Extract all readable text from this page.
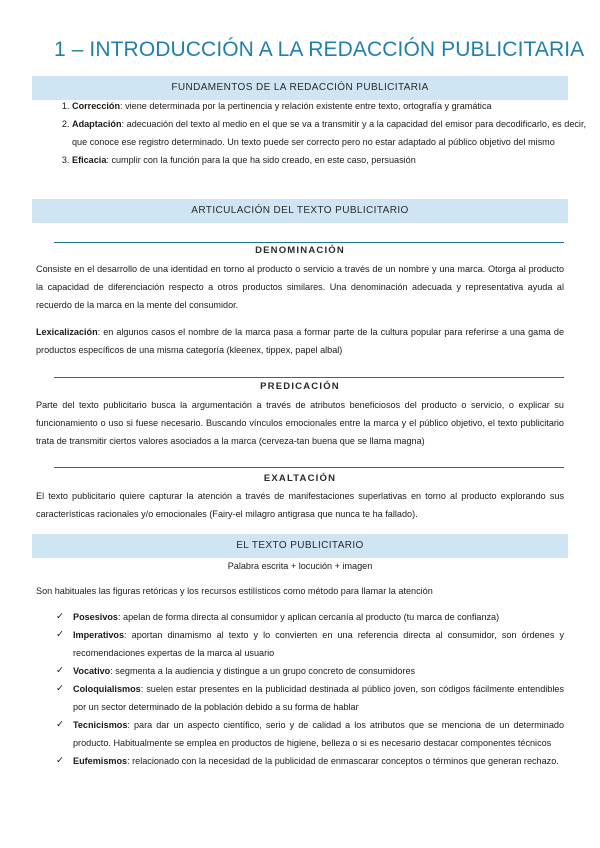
1 – INTRODUCCIÓN A LA REDACCIÓN PUBLICITARIA
FUNDAMENTOS DE LA REDACCIÓN PUBLICITARIA
1. Corrección: viene determinada por la pertinencia y relación existente entre texto, ortografía y gramática
2. Adaptación: adecuación del texto al medio en el que se va a transmitir y a la capacidad del emisor para decodificarlo, es decir, que conoce ese registro determinado. Un texto puede ser correcto pero no estar adaptado al público objetivo del mismo
3. Eficacia: cumplir con la función para la que ha sido creado, en este caso, persuasión
ARTICULACIÓN DEL TEXTO PUBLICITARIO
DENOMINACIÓN
Consiste en el desarrollo de una identidad en torno al producto o servicio a través de un nombre y una marca. Otorga al producto la capacidad de diferenciación respecto a otros productos similares. Una denominación adecuada y representativa ayuda al recuerdo de la marca en la mente del consumidor.
Lexicalización: en algunos casos el nombre de la marca pasa a formar parte de la cultura popular para referirse a una gama de productos específicos de una misma categoría (kleenex, tippex, papel albal)
PREDICACIÓN
Parte del texto publicitario busca la argumentación a través de atributos beneficiosos del producto o servicio, o explicar su funcionamiento o uso si fuese necesario. Buscando vínculos emocionales entre la marca y el público objetivo, el texto publicitario trata de transmitir ciertos valores asociados a la marca (cerveza-tan buena que se llama magna)
EXALTACIÓN
El texto publicitario quiere capturar la atención a través de manifestaciones superlativas en torno al producto explorando sus características racionales y/o emocionales (Fairy-el milagro antigrasa que nunca te ha fallado).
EL TEXTO PUBLICITARIO
Palabra escrita + locución + imagen
Son habituales las figuras retóricas y los recursos estilísticos como método para llamar la atención
✓ Posesivos: apelan de forma directa al consumidor y aplican cercanía al producto (tu marca de confianza)
✓ Imperativos: aportan dinamismo al texto y lo convierten en una referencia directa al consumidor, son órdenes y recomendaciones expertas de la marca al usuario
✓ Vocativo: segmenta a la audiencia y distingue a un grupo concreto de consumidores
✓ Coloquialismos: suelen estar presentes en la publicidad destinada al público joven, son códigos fácilmente entendibles por un sector determinado de la población debido a su forma de hablar
✓ Tecnicismos: para dar un aspecto científico, serio y de calidad a los atributos que se menciona de un determinado producto. Habitualmente se emplea en productos de higiene, belleza o si es necesario destacar componentes técnicos
✓ Eufemismos: relacionado con la necesidad de la publicidad de enmascarar conceptos o términos que generan rechazo.
